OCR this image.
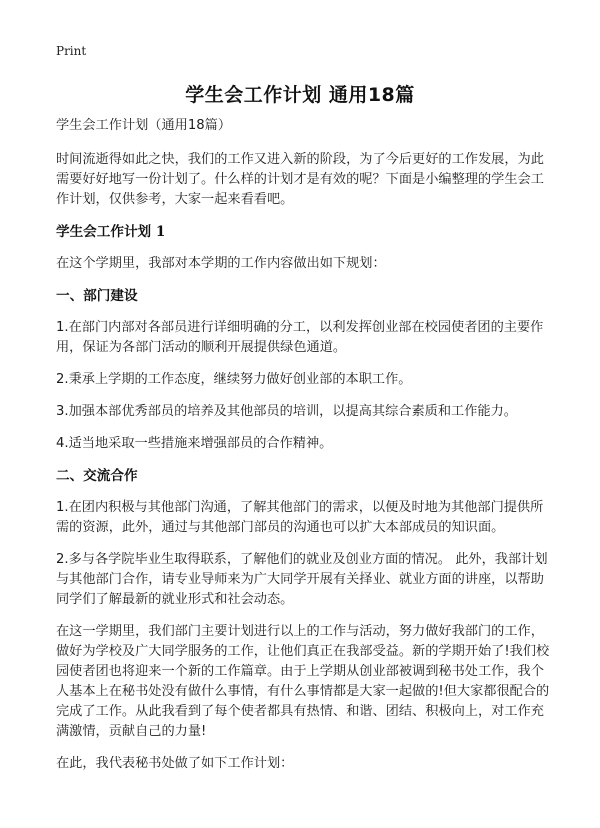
Print
学生会工作计划 通用18篇

学生会工作计划（通用18篇）

时间流逝得如此之快，我们的工作又进入新的阶段，为了今后更好的工作发展，为此需要好好地写一份计划了。什么样的计划才是有效的呢？下面是小编整理的学生会工作计划，仅供参考，大家一起来看看吧。

学生会工作计划 1

在这个学期里，我部对本学期的工作内容做出如下规划：

一、部门建设

1.在部门内部对各部员进行详细明确的分工，以利发挥创业部在校园使者团的主要作用，保证为各部门活动的顺利开展提供绿色通道。

2.秉承上学期的工作态度，继续努力做好创业部的本职工作。

3.加强本部优秀部员的培养及其他部员的培训，以提高其综合素质和工作能力。

4.适当地采取一些措施来增强部员的合作精神。

二、交流合作

1.在团内积极与其他部门沟通，了解其他部门的需求，以便及时地为其他部门提供所需的资源，此外，通过与其他部门部员的沟通也可以扩大本部成员的知识面。

2.多与各学院毕业生取得联系，了解他们的就业及创业方面的情况。 此外，我部计划与其他部门合作，请专业导师来为广大同学开展有关择业、就业方面的讲座，以帮助同学们了解最新的就业形式和社会动态。

在这一学期里，我们部门主要计划进行以上的工作与活动，努力做好我部门的工作，做好为学校及广大同学服务的工作，让他们真正在我部受益。新的学期开始了!我们校园使者团也将迎来一个新的工作篇章。由于上学期从创业部被调到秘书处工作，我个人基本上在秘书处没有做什么事情，有什么事情都是大家一起做的!但大家都很配合的完成了工作。从此我看到了每个使者都具有热情、和谐、团结、积极向上，对工作充满激情，贡献自己的力量!

在此，我代表秘书处做了如下工作计划：
